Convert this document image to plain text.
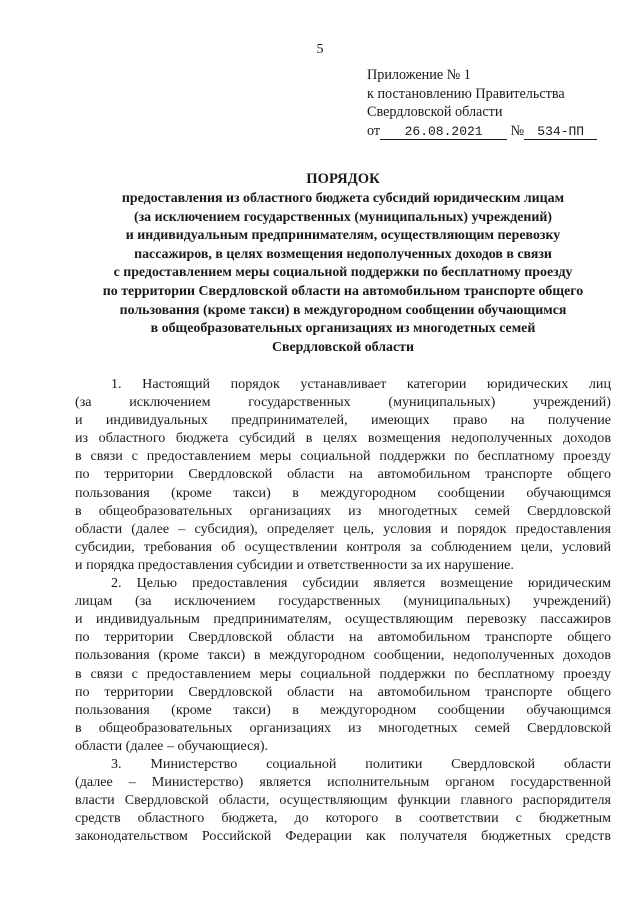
5
Приложение № 1
к постановлению Правительства
Свердловской области
от 26.08.2021 № 534-ПП
ПОРЯДОК
предоставления из областного бюджета субсидий юридическим лицам
(за исключением государственных (муниципальных) учреждений)
и индивидуальным предпринимателям, осуществляющим перевозку
пассажиров, в целях возмещения недополученных доходов в связи
с предоставлением меры социальной поддержки по бесплатному проезду
по территории Свердловской области на автомобильном транспорте общего
пользования (кроме такси) в междугородном сообщении обучающимся
в общеобразовательных организациях из многодетных семей
Свердловской области
1. Настоящий порядок устанавливает категории юридических лиц
(за исключением государственных (муниципальных) учреждений)
и индивидуальных предпринимателей, имеющих право на получение
из областного бюджета субсидий в целях возмещения недополученных доходов
в связи с предоставлением меры социальной поддержки по бесплатному проезду
по территории Свердловской области на автомобильном транспорте общего
пользования (кроме такси) в междугородном сообщении обучающимся
в общеобразовательных организациях из многодетных семей Свердловской
области (далее – субсидия), определяет цель, условия и порядок предоставления
субсидии, требования об осуществлении контроля за соблюдением цели, условий
и порядка предоставления субсидии и ответственности за их нарушение.
2. Целью предоставления субсидии является возмещение юридическим
лицам (за исключением государственных (муниципальных) учреждений)
и индивидуальным предпринимателям, осуществляющим перевозку пассажиров
по территории Свердловской области на автомобильном транспорте общего
пользования (кроме такси) в междугородном сообщении, недополученных доходов
в связи с предоставлением меры социальной поддержки по бесплатному проезду
по территории Свердловской области на автомобильном транспорте общего
пользования (кроме такси) в междугородном сообщении обучающимся
в общеобразовательных организациях из многодетных семей Свердловской
области (далее – обучающиеся).
3. Министерство социальной политики Свердловской области
(далее – Министерство) является исполнительным органом государственной
власти Свердловской области, осуществляющим функции главного распорядителя
средств областного бюджета, до которого в соответствии с бюджетным
законодательством Российской Федерации как получателя бюджетных средств
